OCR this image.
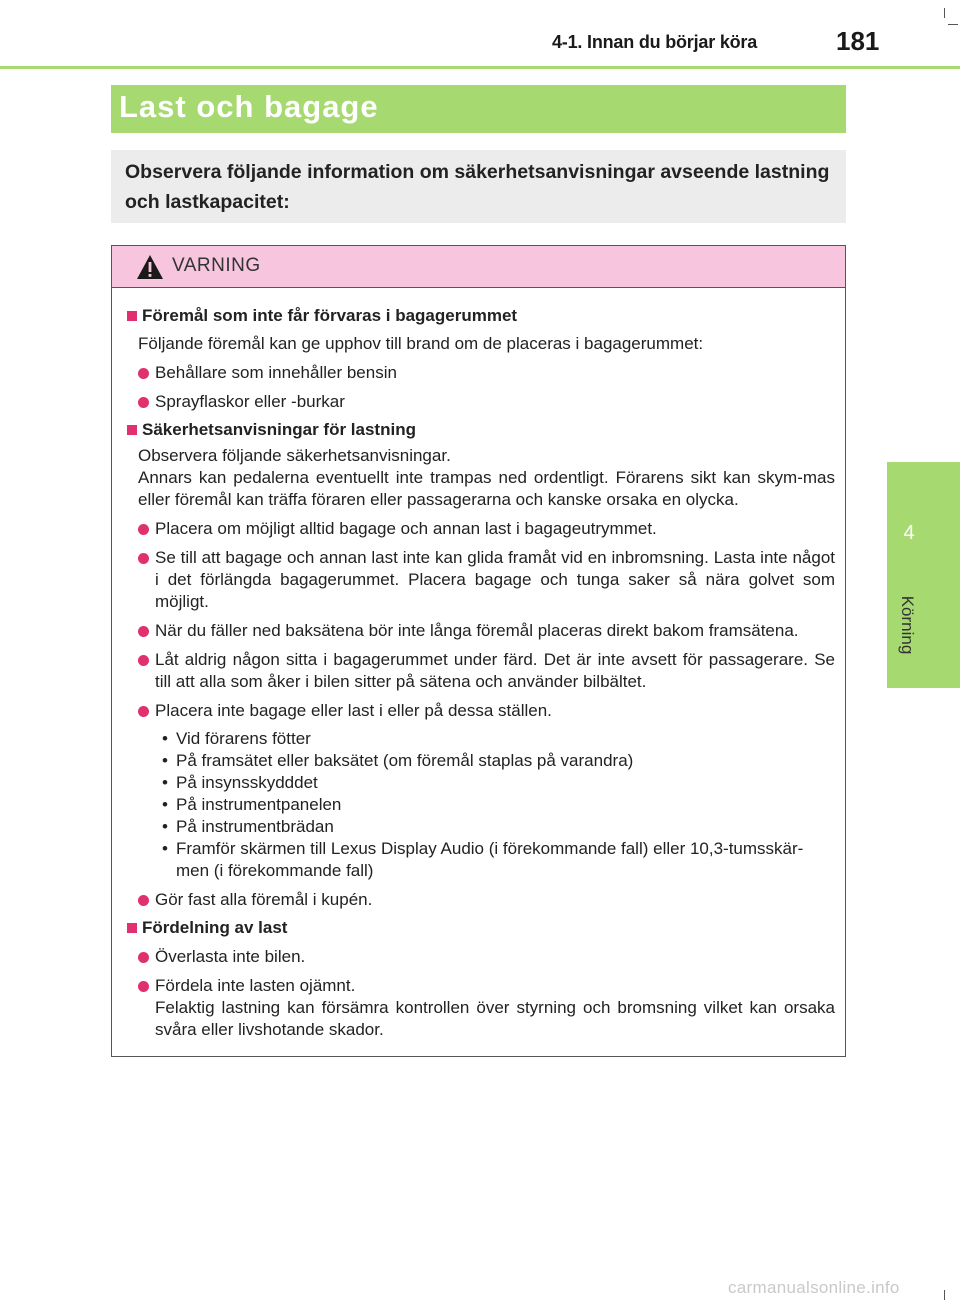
4-1. Innan du börjar köra	181
4
Körning
Last och bagage

Observera följande information om säkerhetsanvisningar avseende lastning och lastkapacitet:

VARNING
Föremål som inte får förvaras i bagagerummet
Följande föremål kan ge upphov till brand om de placeras i bagagerummet:
Behållare som innehåller bensin
Sprayflaskor eller -burkar
Säkerhetsanvisningar för lastning
Observera följande säkerhetsanvisningar.
Annars kan pedalerna eventuellt inte trampas ned ordentligt. Förarens sikt kan skym-mas eller föremål kan träffa föraren eller passagerarna och kanske orsaka en olycka.
Placera om möjligt alltid bagage och annan last i bagageutrymmet.
Se till att bagage och annan last inte kan glida framåt vid en inbromsning. Lasta inte något i det förlängda bagagerummet. Placera bagage och tunga saker så nära golvet som möjligt.
När du fäller ned baksätena bör inte långa föremål placeras direkt bakom framsätena.
Låt aldrig någon sitta i bagagerummet under färd. Det är inte avsett för passagerare. Se till att alla som åker i bilen sitter på sätena och använder bilbältet.
Placera inte bagage eller last i eller på dessa ställen.
• Vid förarens fötter
• På framsätet eller baksätet (om föremål staplas på varandra)
• På insynsskydddet
• På instrumentpanelen
• På instrumentbrädan
• Framför skärmen till Lexus Display Audio (i förekommande fall) eller 10,3-tumsskär-men (i förekommande fall)
Gör fast alla föremål i kupén.
Fördelning av last
Överlasta inte bilen.
Fördela inte lasten ojämnt.
Felaktig lastning kan försämra kontrollen över styrning och bromsning vilket kan orsaka svåra eller livshotande skador.
carmanualsonline.info
